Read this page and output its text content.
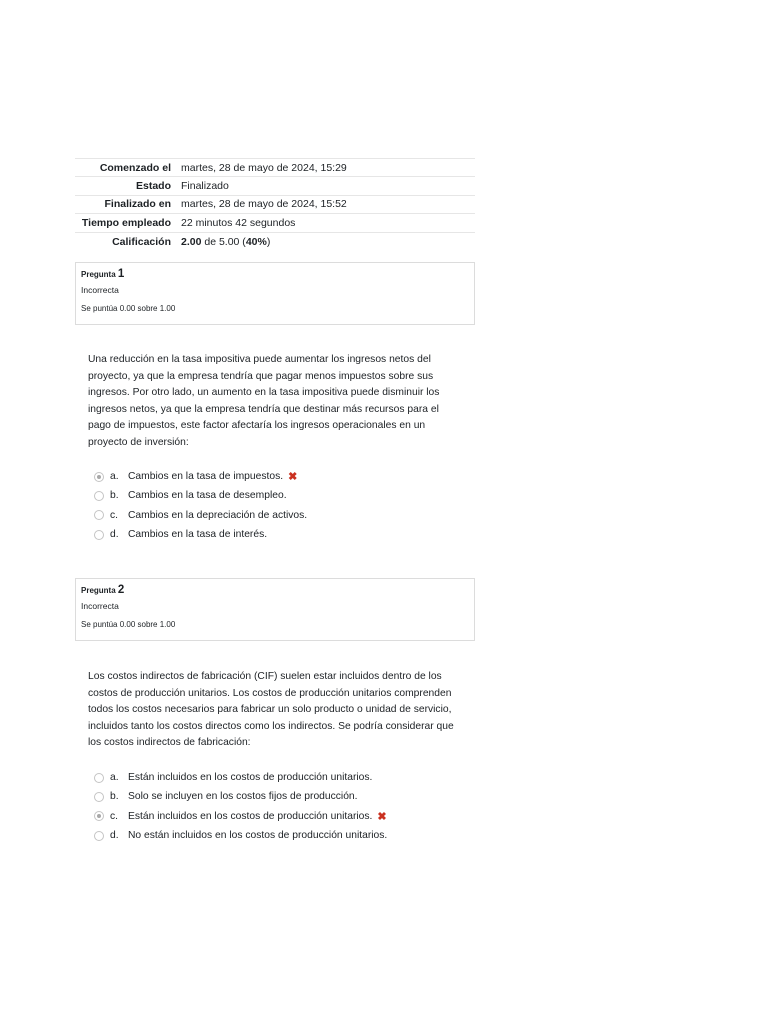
Comenzado el	martes, 28 de mayo de 2024, 15:29
Estado	Finalizado
Finalizado en	martes, 28 de mayo de 2024, 15:52
Tiempo empleado	22 minutos 42 segundos
Calificación	2.00 de 5.00 (40%)
Pregunta 1
Incorrecta
Se puntúa 0.00 sobre 1.00
Una reducción en la tasa impositiva puede aumentar los ingresos netos del proyecto, ya que la empresa tendría que pagar menos impuestos sobre sus ingresos. Por otro lado, un aumento en la tasa impositiva puede disminuir los ingresos netos, ya que la empresa tendría que destinar más recursos para el pago de impuestos, este factor afectaría los ingresos operacionales en un proyecto de inversión:
a. Cambios en la tasa de impuestos. ✖
b. Cambios en la tasa de desempleo.
c. Cambios en la depreciación de activos.
d. Cambios en la tasa de interés.
Pregunta 2
Incorrecta
Se puntúa 0.00 sobre 1.00
Los costos indirectos de fabricación (CIF) suelen estar incluidos dentro de los costos de producción unitarios. Los costos de producción unitarios comprenden todos los costos necesarios para fabricar un solo producto o unidad de servicio, incluidos tanto los costos directos como los indirectos. Se podría considerar que los costos indirectos de fabricación:
a. Están incluidos en los costos de producción unitarios.
b. Solo se incluyen en los costos fijos de producción.
c. Están incluidos en los costos de producción unitarios. ✖
d. No están incluidos en los costos de producción unitarios.
